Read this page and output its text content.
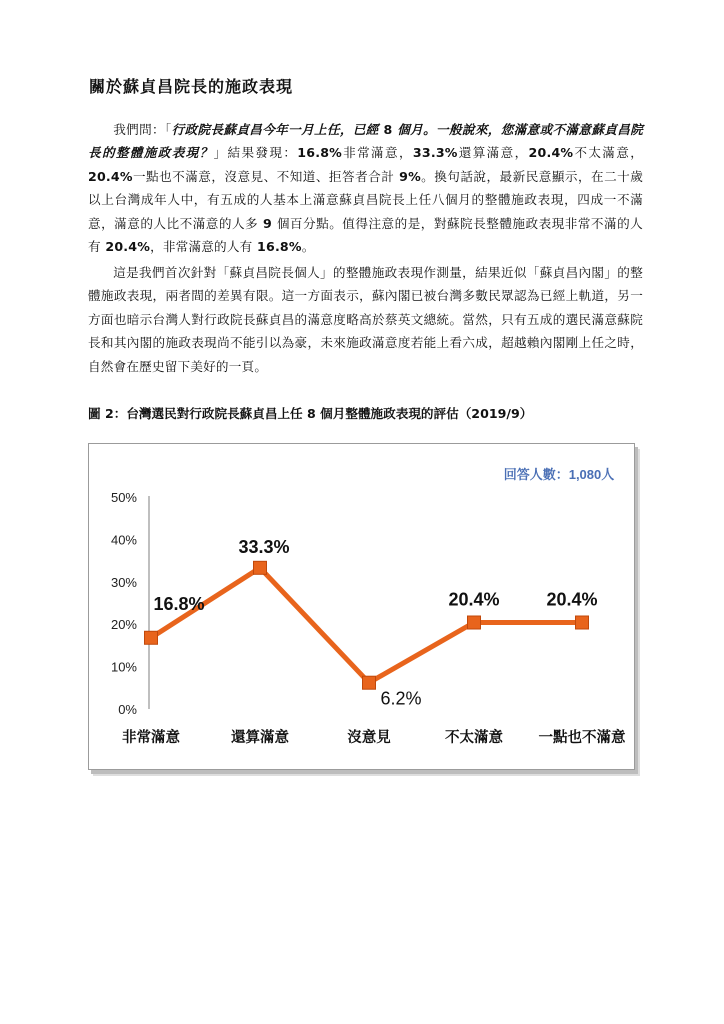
關於蘇貞昌院長的施政表現

我們問：「行政院長蘇貞昌今年一月上任，已經 8 個月。一般說來，您滿意或不滿意蘇貞昌院長的整體施政表現？」結果發現：16.8%非常滿意，33.3%還算滿意，20.4%不太滿意，20.4%一點也不滿意，沒意見、不知道、拒答者合計 9%。換句話說，最新民意顯示，在二十歲以上台灣成年人中，有五成的人基本上滿意蘇貞昌院長上任八個月的整體施政表現，四成一不滿意，滿意的人比不滿意的人多 9 個百分點。值得注意的是，對蘇院長整體施政表現非常不滿的人有 20.4%，非常滿意的人有 16.8%。

這是我們首次針對「蘇貞昌院長個人」的整體施政表現作測量，結果近似「蘇貞昌內閣」的整體施政表現，兩者間的差異有限。這一方面表示，蘇內閣已被台灣多數民眾認為已經上軌道，另一方面也暗示台灣人對行政院長蘇貞昌的滿意度略高於蔡英文總統。當然，只有五成的選民滿意蘇院長和其內閣的施政表現尚不能引以為豪，未來施政滿意度若能上看六成，超越賴內閣剛上任之時，自然會在歷史留下美好的一頁。

圖 2：台灣選民對行政院長蘇貞昌上任 8 個月整體施政表現的評估（2019/9）

0%
10%
20%
30%
40%
50%
非常滿意	還算滿意	沒意見	不太滿意 一點也不滿意
16.8%
33.3%
6.2%
20.4%	20.4%
回答人數：1,080人
